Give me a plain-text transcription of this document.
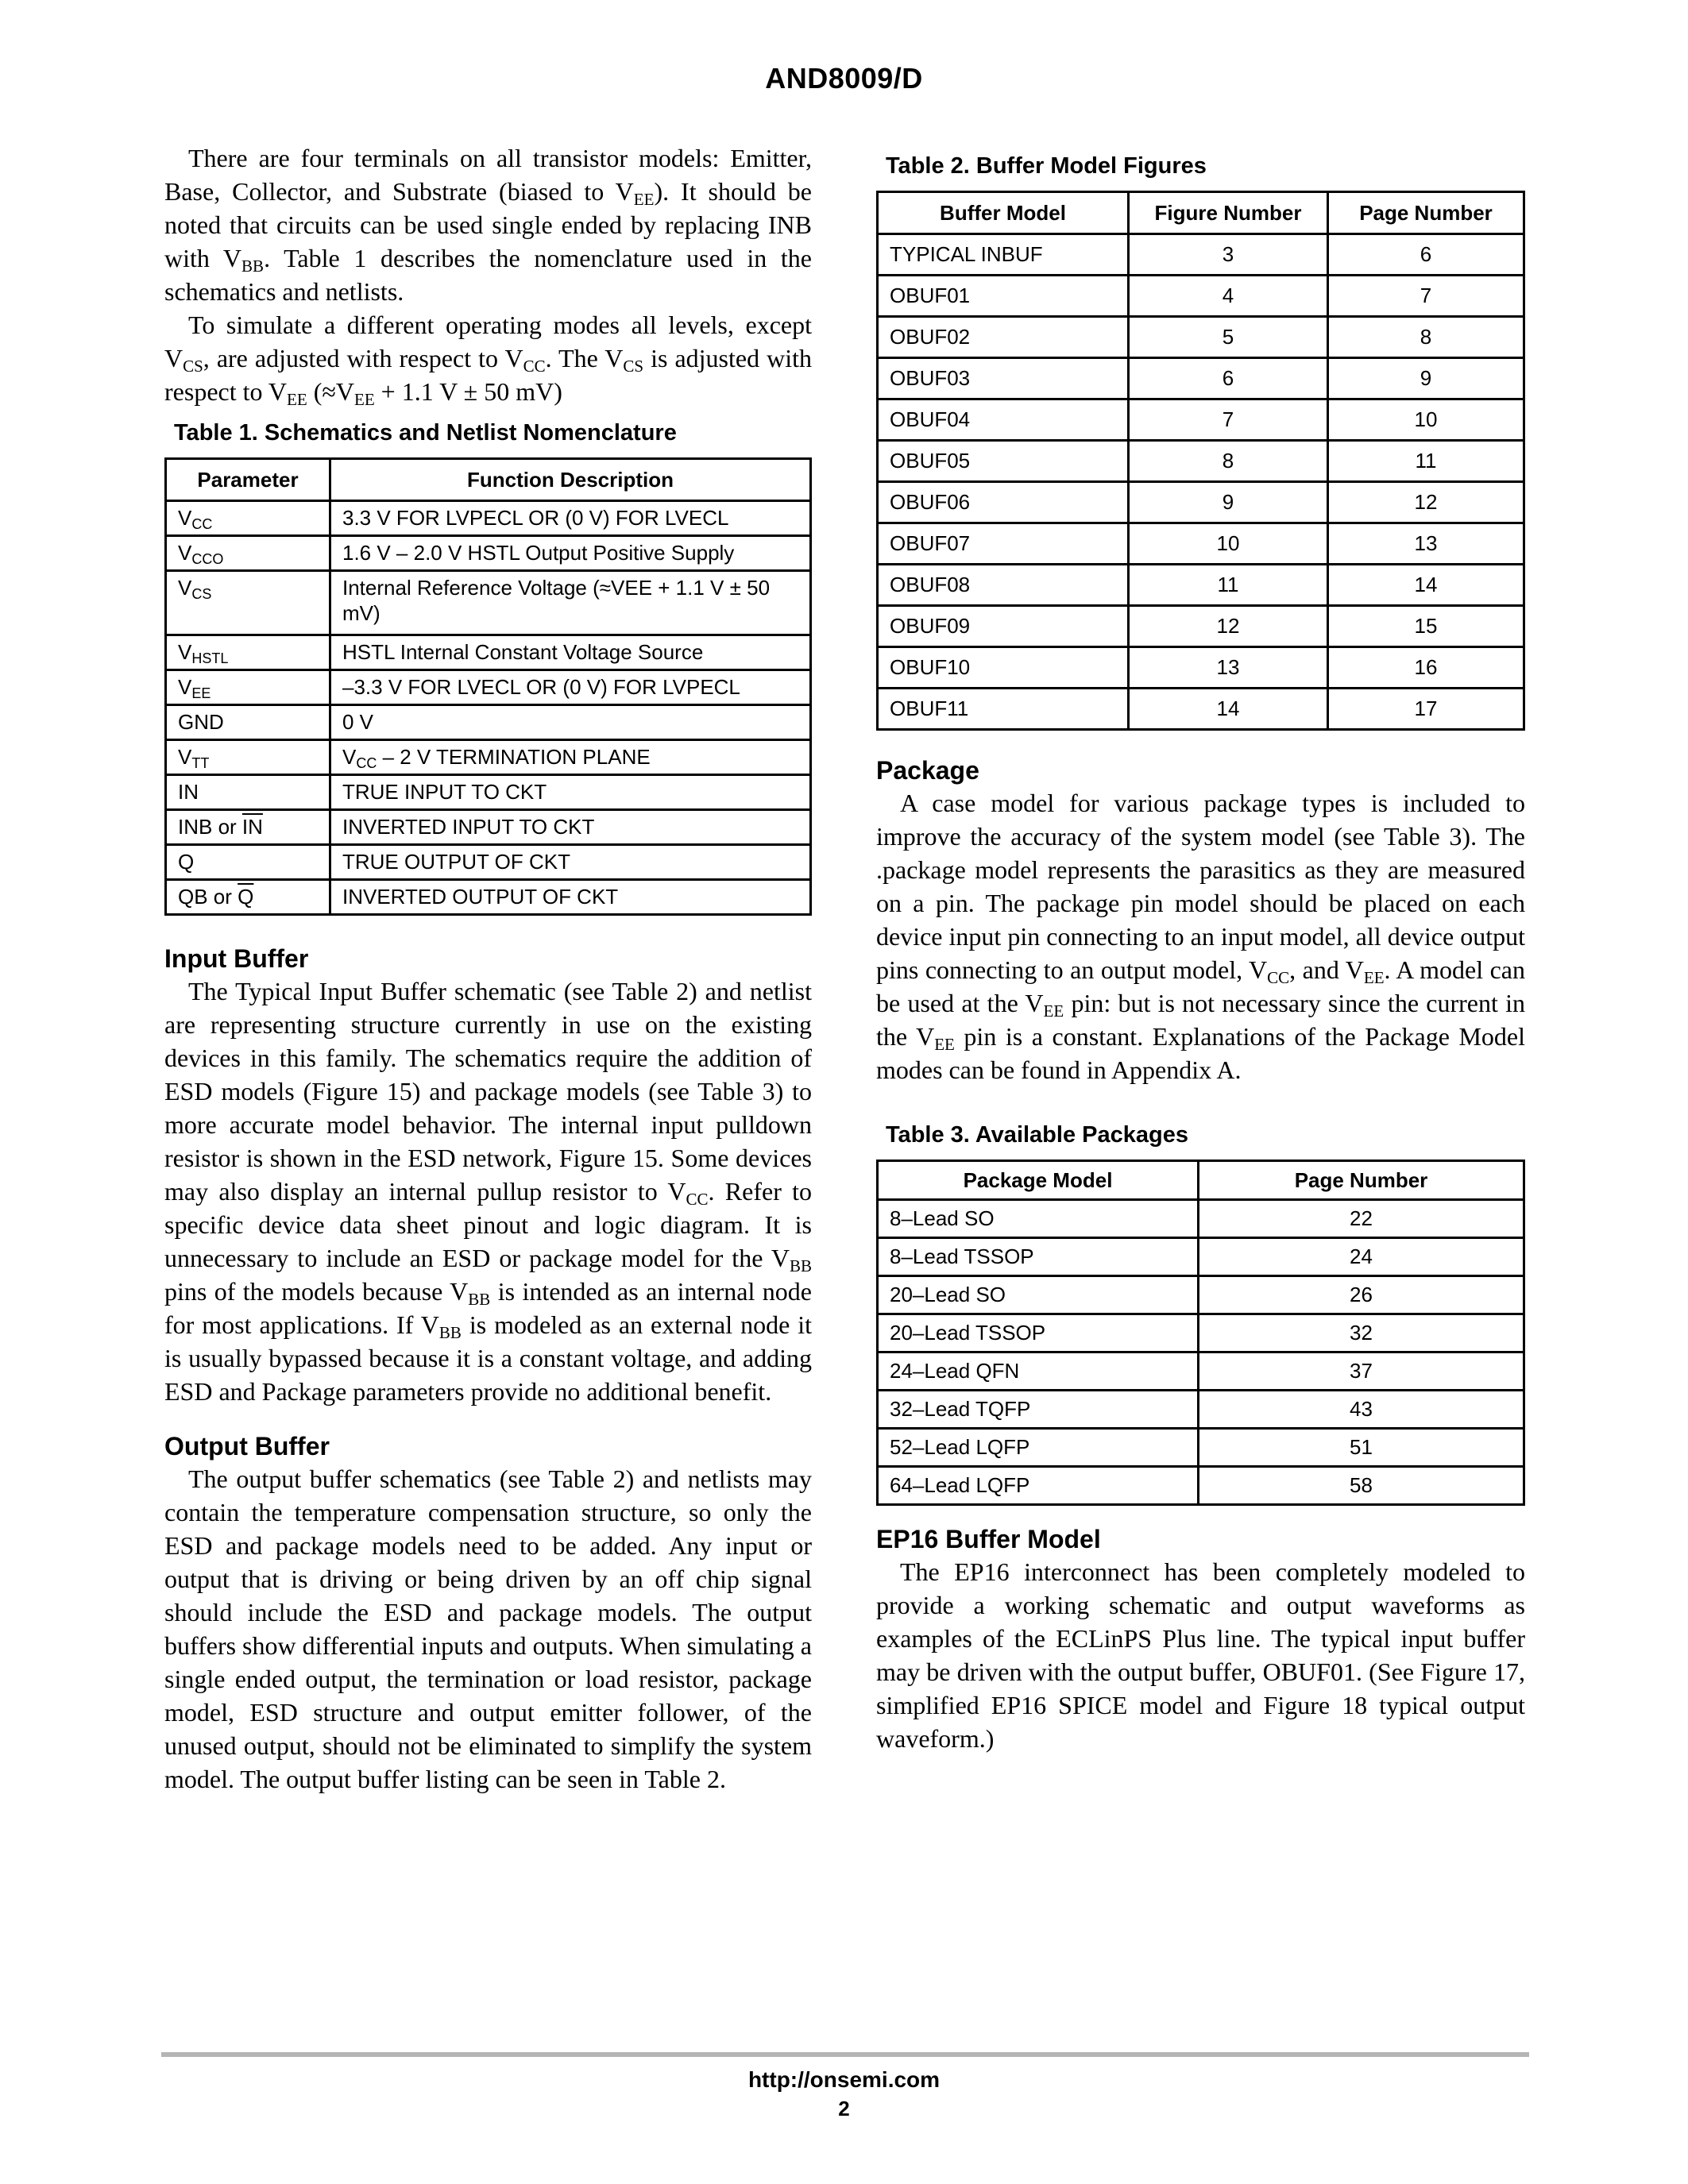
AND8009/D

There are four terminals on all transistor models: Emitter, Base, Collector, and Substrate (biased to $V_{EE}$). It should be noted that circuits can be used single ended by replacing INB with $V_{BB}$. Table 1 describes the nomenclature used in the schematics and netlists.

To simulate a different operating modes all levels, except $V_{CS}$, are adjusted with respect to $V_{CC}$. The $V_{CS}$ is adjusted with respect to $V_{EE}$ ($\approx V_{EE} + 1.1$ V ± 50 mV)

Table 1. Schematics and Netlist Nomenclature

Parameter	Function Description
$V_{CC}$	3.3 V FOR LVPECL OR (0 V) FOR LVECL
$V_{CCO}$	1.6 V – 2.0 V HSTL Output Positive Supply
$V_{CS}$	Internal Reference Voltage (≈VEE + 1.1 V ± 50 mV)
$V_{HSTL}$	HSTL Internal Constant Voltage Source
$V_{EE}$	–3.3 V FOR LVECL OR (0 V) FOR LVPECL
GND	0 V
$V_{TT}$	$V_{CC} - 2$ V TERMINATION PLANE
IN	TRUE INPUT TO CKT
INB or $\overline{IN}$	INVERTED INPUT TO CKT
Q	TRUE OUTPUT OF CKT
QB or $\overline{Q}$	INVERTED OUTPUT OF CKT

Input Buffer

The Typical Input Buffer schematic (see Table 2) and netlist are representing structure currently in use on the existing devices in this family. The schematics require the addition of ESD models (Figure 15) and package models (see Table 3) to more accurate model behavior. The internal input pulldown resistor is shown in the ESD network, Figure 15. Some devices may also display an internal pullup resistor to $V_{CC}$. Refer to specific device data sheet pinout and logic diagram. It is unnecessary to include an ESD or package model for the $V_{BB}$ pins of the models because $V_{BB}$ is intended as an internal node for most applications. If $V_{BB}$ is modeled as an external node it is usually bypassed because it is a constant voltage, and adding ESD and Package parameters provide no additional benefit.

Output Buffer

The output buffer schematics (see Table 2) and netlists may contain the temperature compensation structure, so only the ESD and package models need to be added. Any input or output that is driving or being driven by an off chip signal should include the ESD and package models. The output buffers show differential inputs and outputs. When simulating a single ended output, the termination or load resistor, package model, ESD structure and output emitter follower, of the unused output, should not be eliminated to simplify the system model. The output buffer listing can be seen in Table 2.

Table 2. Buffer Model Figures

Buffer Model	Figure Number	Page Number
TYPICAL INBUF	3	6
OBUF01	4	7
OBUF02	5	8
OBUF03	6	9
OBUF04	7	10
OBUF05	8	11
OBUF06	9	12
OBUF07	10	13
OBUF08	11	14
OBUF09	12	15
OBUF10	13	16
OBUF11	14	17

Package

A case model for various package types is included to improve the accuracy of the system model (see Table 3). The .package model represents the parasitics as they are measured on a pin. The package pin model should be placed on each device input pin connecting to an input model, all device output pins connecting to an output model, $V_{CC}$, and $V_{EE}$. A model can be used at the $V_{EE}$ pin: but is not necessary since the current in the $V_{EE}$ pin is a constant. Explanations of the Package Model modes can be found in Appendix A.

Table 3. Available Packages

Package Model	Page Number
8–Lead SO	22
8–Lead TSSOP	24
20–Lead SO	26
20–Lead TSSOP	32
24–Lead QFN	37
32–Lead TQFP	43
52–Lead LQFP	51
64–Lead LQFP	58

EP16 Buffer Model

The EP16 interconnect has been completely modeled to provide a working schematic and output waveforms as examples of the ECLinPS Plus line. The typical input buffer may be driven with the output buffer, OBUF01. (See Figure 17, simplified EP16 SPICE model and Figure 18 typical output waveform.)

http://onsemi.com
2
